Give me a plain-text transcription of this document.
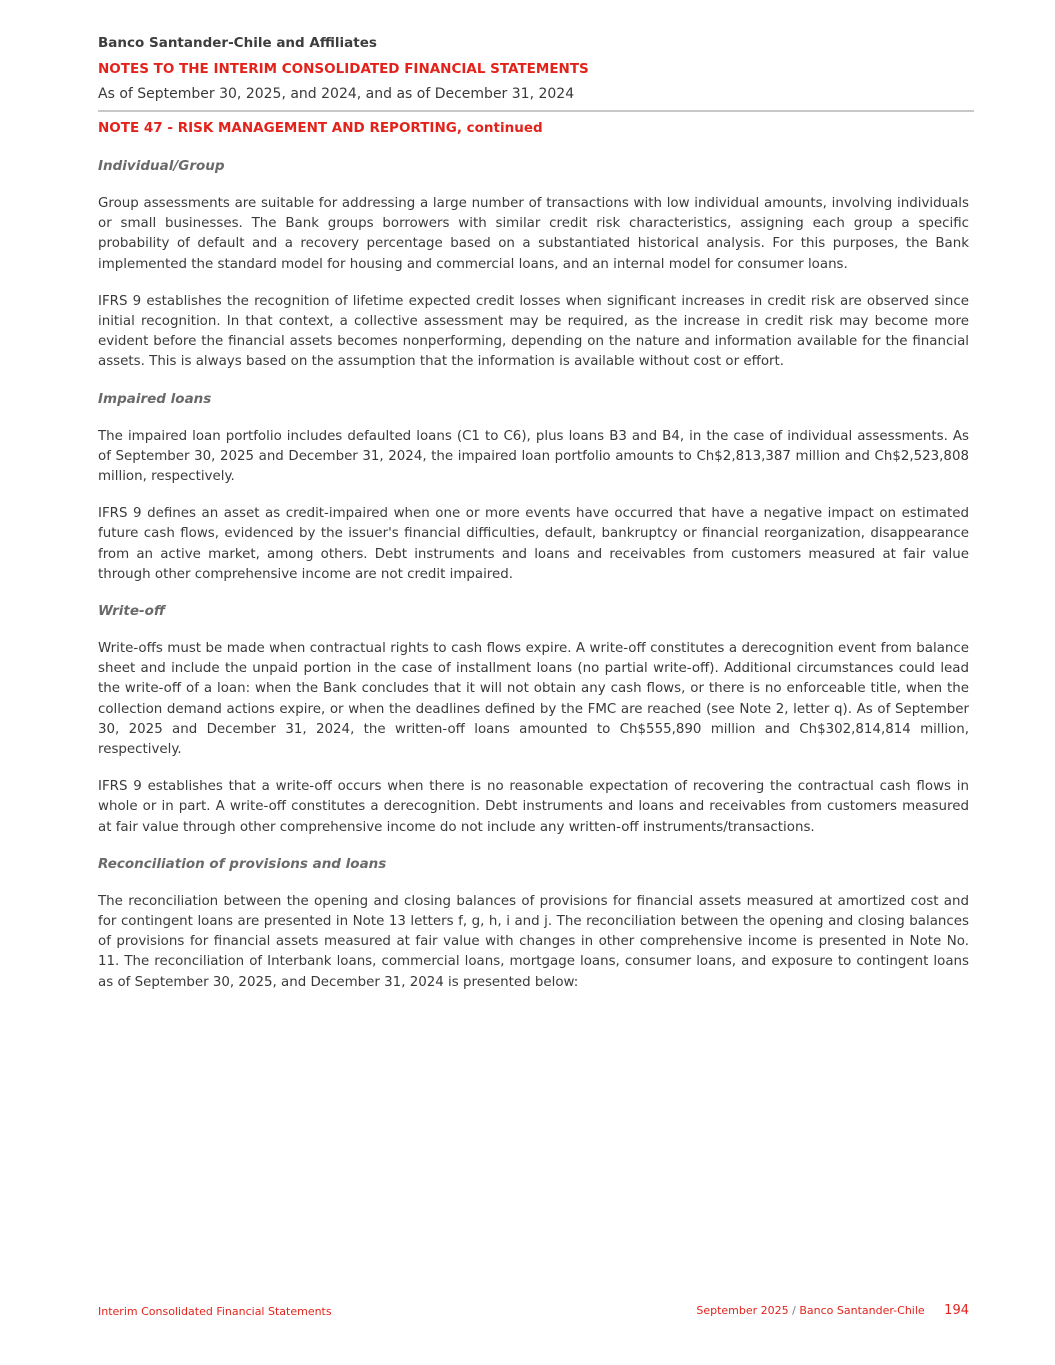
Banco Santander-Chile and Affiliates
NOTES TO THE INTERIM CONSOLIDATED FINANCIAL STATEMENTS
As of September 30, 2025, and 2024, and as of December 31, 2024
NOTE 47 - RISK MANAGEMENT AND REPORTING, continued
Individual/Group

Group assessments are suitable for addressing a large number of transactions with low individual amounts, involving individuals or small businesses. The Bank groups borrowers with similar credit risk characteristics, assigning each group a specific probability of default and a recovery percentage based on a substantiated historical analysis. For this purposes, the Bank implemented the standard model for housing and commercial loans, and an internal model for consumer loans.

IFRS 9 establishes the recognition of lifetime expected credit losses when significant increases in credit risk are observed since initial recognition. In that context, a collective assessment may be required, as the increase in credit risk may become more evident before the financial assets becomes nonperforming, depending on the nature and information available for the financial assets. This is always based on the assumption that the information is available without cost or effort.

Impaired loans

The impaired loan portfolio includes defaulted loans (C1 to C6), plus loans B3 and B4, in the case of individual assessments. As of September 30, 2025 and December 31, 2024, the impaired loan portfolio amounts to Ch$2,813,387 million and Ch$2,523,808 million, respectively.

IFRS 9 defines an asset as credit-impaired when one or more events have occurred that have a negative impact on estimated future cash flows, evidenced by the issuer's financial difficulties, default, bankruptcy or financial reorganization, disappearance from an active market, among others. Debt instruments and loans and receivables from customers measured at fair value through other comprehensive income are not credit impaired.

Write-off

Write-offs must be made when contractual rights to cash flows expire. A write-off constitutes a derecognition event from balance sheet and include the unpaid portion in the case of installment loans (no partial write-off). Additional circumstances could lead the write-off of a loan: when the Bank concludes that it will not obtain any cash flows, or there is no enforceable title, when the collection demand actions expire, or when the deadlines defined by the FMC are reached (see Note 2, letter q). As of September 30, 2025 and December 31, 2024, the written-off loans amounted to Ch$555,890 million and Ch$302,814,814 million, respectively.

IFRS 9 establishes that a write-off occurs when there is no reasonable expectation of recovering the contractual cash flows in whole or in part. A write-off constitutes a derecognition. Debt instruments and loans and receivables from customers measured at fair value through other comprehensive income do not include any written-off instruments/transactions.

Reconciliation of provisions and loans

The reconciliation between the opening and closing balances of provisions for financial assets measured at amortized cost and for contingent loans are presented in Note 13 letters f, g, h, i and j. The reconciliation between the opening and closing balances of provisions for financial assets measured at fair value with changes in other comprehensive income is presented in Note No. 11. The reconciliation of Interbank loans, commercial loans, mortgage loans, consumer loans, and exposure to contingent loans as of September 30, 2025, and December 31, 2024 is presented below:

Interim Consolidated Financial Statements	September 2025 / Banco Santander-Chile 194
